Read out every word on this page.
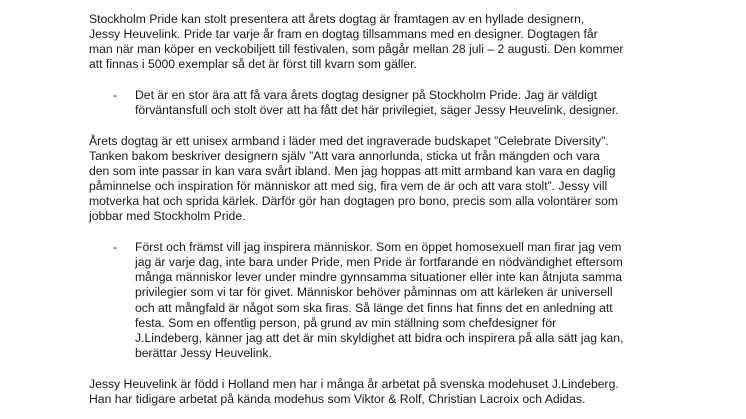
Stockholm Pride kan stolt presentera att årets dogtag är framtagen av en hyllade designern,
Jessy Heuvelink. Pride tar varje år fram en dogtag tillsammans med en designer. Dogtagen får
man när man köper en veckobiljett till festivalen, som pågår mellan 28 juli – 2 augusti. Den kommer
att finnas i 5000 exemplar så det är först till kvarn som gäller.

- Det är en stor ära att få vara årets dogtag designer på Stockholm Pride. Jag är väldigt
förväntansfull och stolt över att ha fått det här privilegiet, säger Jessy Heuvelink, designer.

Årets dogtag är ett unisex armband i läder med det ingraverade budskapet ”Celebrate Diversity”.
Tanken bakom beskriver designern själv ”Att vara annorlunda, sticka ut från mängden och vara
den som inte passar in kan vara svårt ibland. Men jag hoppas att mitt armband kan vara en daglig
påminnelse och inspiration för människor att med sig, fira vem de är och att vara stolt”. Jessy vill
motverka hat och sprida kärlek. Därför gör han dogtagen pro bono, precis som alla volontärer som
jobbar med Stockholm Pride.

- Först och främst vill jag inspirera människor. Som en öppet homosexuell man firar jag vem
jag är varje dag, inte bara under Pride, men Pride är fortfarande en nödvändighet eftersom
många människor lever under mindre gynnsamma situationer eller inte kan åtnjuta samma
privilegier som vi tar för givet. Människor behöver påminnas om att kärleken är universell
och att mångfald är något som ska firas. Så länge det finns hat finns det en anledning att
festa. Som en offentlig person, på grund av min ställning som chefdesigner för
J.Lindeberg, känner jag att det är min skyldighet att bidra och inspirera på alla sätt jag kan,
berättar Jessy Heuvelink.

Jessy Heuvelink är född i Holland men har i många år arbetat på svenska modehuset J.Lindeberg.
Han har tidigare arbetat på kända modehus som Viktor & Rolf, Christian Lacroix och Adidas.
